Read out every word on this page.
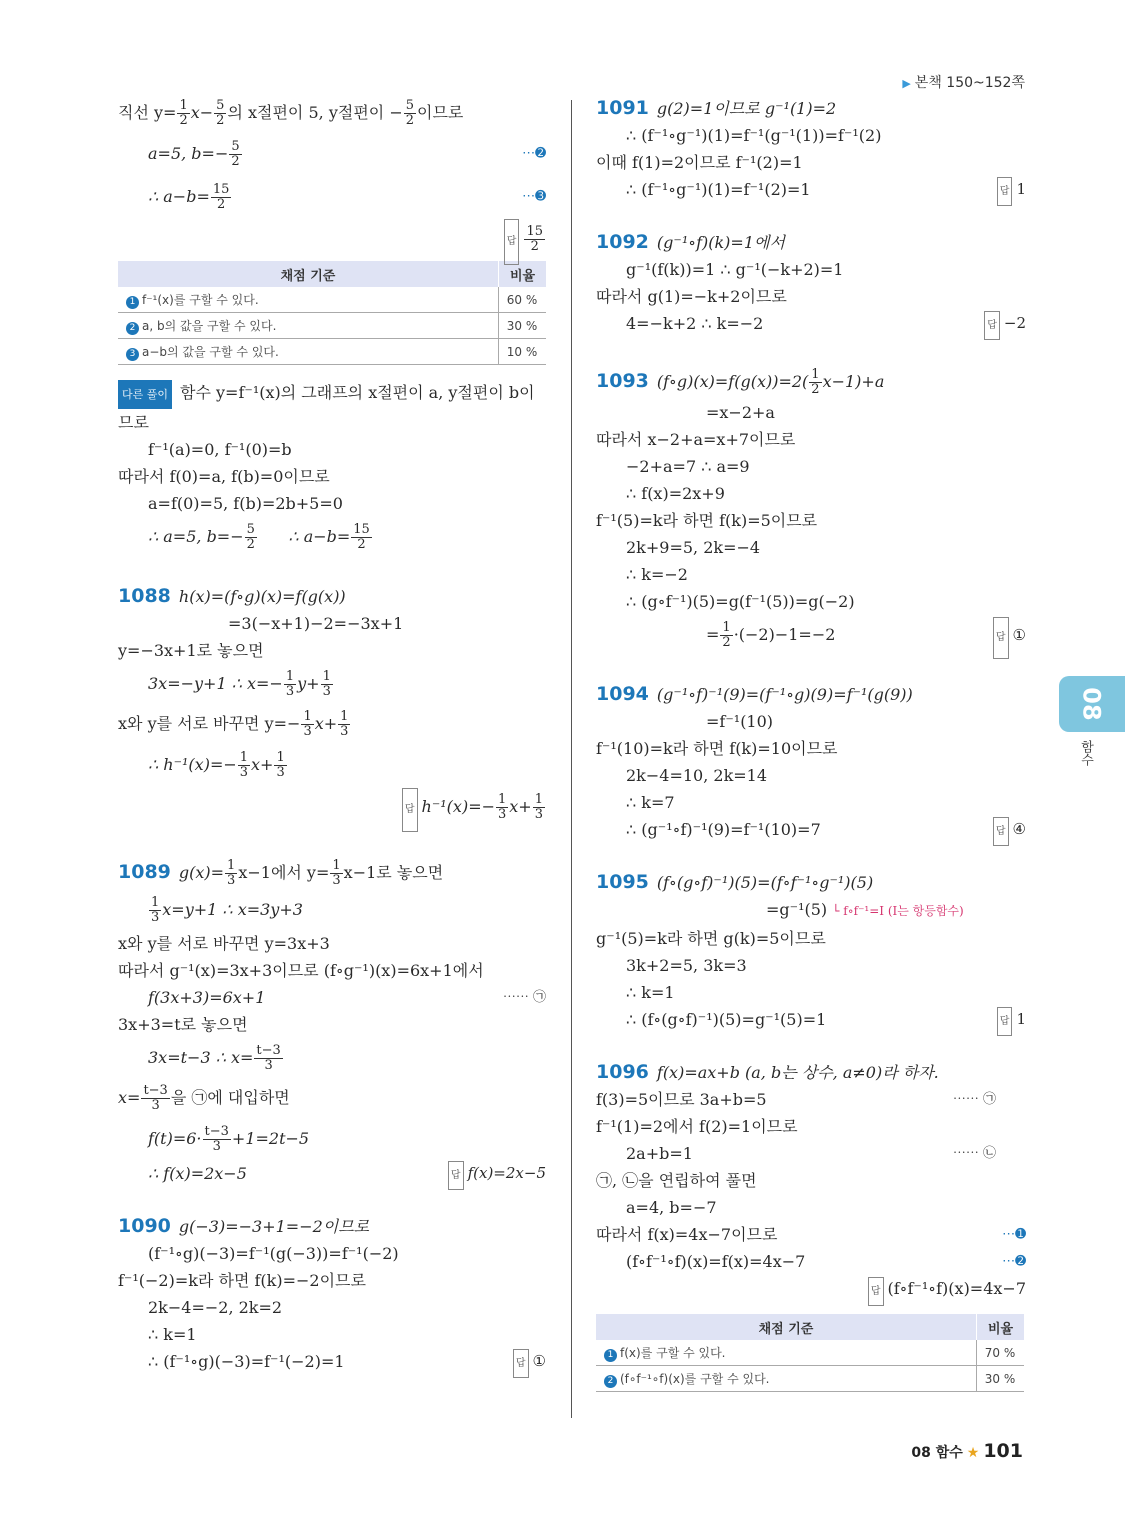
▶ 본책 150~152쪽
직선 $y= \frac{1}{2} x- \frac{5}{2}$ 의 x절편이 5, y절편이 − $\frac{5}{2}$ 이므로
a=5, $b=- \frac{5}{2}$	⋯➋
∴ $a-b= \frac{15}{2}$	⋯➌
답 $\frac{15}{2}$
채점 기준	비율
1 f⁻¹(x)를 구할 수 있다.	60 %
2 a, b의 값을 구할 수 있다.	30 %
3 a−b의 값을 구할 수 있다.	10 %
다른 풀이 함수 y=f⁻¹(x)의 그래프의 x절편이 a, y절편이 b이
므로
f⁻¹(a)=0, f⁻¹(0)=b
따라서 f(0)=a, f(b)=0이므로
a=f(0)=5, f(b)=2b+5=0
∴ a=5, $b=- \frac{5}{2}$ ∴ $a-b= \frac{15}{2}$
1088 h(x)=(f∘g)(x)=f(g(x))
=3(−x+1)−2=−3x+1
y=−3x+1로 놓으면
3x=−y+1 ∴ $x=- \frac{1}{3} y+ \frac{1}{3}$
x와 y를 서로 바꾸면 $y=- \frac{1}{3} x+ \frac{1}{3}$
∴ $h^{-1}(x)=- \frac{1}{3} x+ \frac{1}{3}$
답 $h^{-1}(x)=- \frac{1}{3} x+ \frac{1}{3}$
1089 $g(x)= \frac{1}{3} x-1$에서 $y= \frac{1}{3} x-1$로 놓으면
$\frac{1}{3} x=y+1$ ∴ x=3y+3
x와 y를 서로 바꾸면 y=3x+3
따라서 g⁻¹(x)=3x+3이므로 (f∘g⁻¹)(x)=6x+1에서
f(3x+3)=6x+1	⋯⋯ ㉠
3x+3=t로 놓으면
3x=t−3 ∴ $x= \frac{t-3}{3}$
$x= \frac{t-3}{3}$ 을 ㉠에 대입하면
$f(t)=6\cdot \frac{t-3}{3} +1=2t-5$
∴ f(x)=2x−5	답 f(x)=2x−5
1090 g(−3)=−3+1=−2이므로
(f⁻¹∘g)(−3)=f⁻¹(g(−3))=f⁻¹(−2)
f⁻¹(−2)=k라 하면 f(k)=−2이므로
2k−4=−2, 2k=2
∴ k=1
∴ (f⁻¹∘g)(−3)=f⁻¹(−2)=1	답 ①
1091 g(2)=1이므로 g⁻¹(1)=2
∴ (f⁻¹∘g⁻¹)(1)=f⁻¹(g⁻¹(1))=f⁻¹(2)
이때 f(1)=2이므로 f⁻¹(2)=1
∴ (f⁻¹∘g⁻¹)(1)=f⁻¹(2)=1	답 1
1092 (g⁻¹∘f)(k)=1에서
g⁻¹(f(k))=1 ∴ g⁻¹(−k+2)=1
따라서 g(1)=−k+2이므로
4=−k+2 ∴ k=−2	답 −2
1093 (f∘g)(x)=f(g(x))=2( $\frac{1}{2} x-1)+a$
=x−2+a
따라서 x−2+a=x+7이므로
−2+a=7 ∴ a=9
∴ f(x)=2x+9
f⁻¹(5)=k라 하면 f(k)=5이므로
2k+9=5, 2k=−4
∴ k=−2
∴ (g∘f⁻¹)(5)=g(f⁻¹(5))=g(−2)
= $\frac{1}{2} \cdot(-2)-1=-2$	답 ①
1094 (g⁻¹∘f)⁻¹(9)=(f⁻¹∘g)(9)=f⁻¹(g(9))
=f⁻¹(10)
f⁻¹(10)=k라 하면 f(k)=10이므로
2k−4=10, 2k=14
∴ k=7
∴ (g⁻¹∘f)⁻¹(9)=f⁻¹(10)=7	답 ④
1095 (f∘(g∘f)⁻¹)(5)=(f∘f⁻¹∘g⁻¹)(5)
=g⁻¹(5) └ f∘f⁻¹=I (I는 항등함수)
g⁻¹(5)=k라 하면 g(k)=5이므로
3k+2=5, 3k=3
∴ k=1
∴ (f∘(g∘f)⁻¹)(5)=g⁻¹(5)=1	답 1
1096 f(x)=ax+b (a, b는 상수, a≠0)라 하자.
f(3)=5이므로 3a+b=5	⋯⋯ ㉠
f⁻¹(1)=2에서 f(2)=1이므로
2a+b=1	⋯⋯ ㉡
㉠, ㉡을 연립하여 풀면
a=4, b=−7
따라서 f(x)=4x−7이므로	⋯➊
(f∘f⁻¹∘f)(x)=f(x)=4x−7	⋯➋
답 (f∘f⁻¹∘f)(x)=4x−7
채점 기준	비율
1 f(x)를 구할 수 있다.	70 %
2 (f∘f⁻¹∘f)(x)를 구할 수 있다.	30 %
08
함수
08 함수 ★ 101
